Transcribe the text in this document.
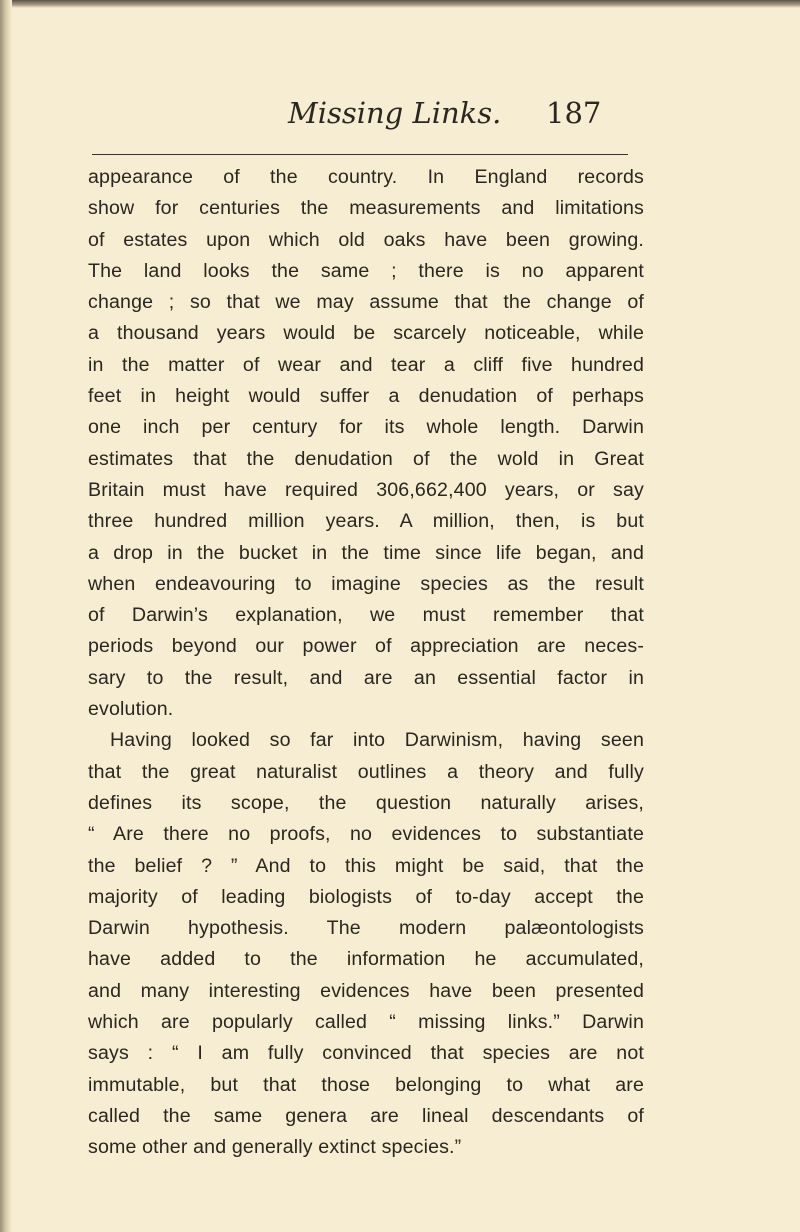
Missing Links. 187
appearance of the country. In England records
show for centuries the measurements and limitations
of estates upon which old oaks have been growing.
The land looks the same ; there is no apparent
change ; so that we may assume that the change of
a thousand years would be scarcely noticeable, while
in the matter of wear and tear a cliff five hundred
feet in height would suffer a denudation of perhaps
one inch per century for its whole length. Darwin
estimates that the denudation of the wold in Great
Britain must have required 306,662,400 years, or say
three hundred million years. A million, then, is but
a drop in the bucket in the time since life began, and
when endeavouring to imagine species as the result
of Darwin’s explanation, we must remember that
periods beyond our power of appreciation are neces-
sary to the result, and are an essential factor in
evolution.
Having looked so far into Darwinism, having seen
that the great naturalist outlines a theory and fully
defines its scope, the question naturally arises,
“ Are there no proofs, no evidences to substantiate
the belief ? ” And to this might be said, that the
majority of leading biologists of to-day accept the
Darwin hypothesis. The modern palæontologists
have added to the information he accumulated,
and many interesting evidences have been presented
which are popularly called “ missing links.” Darwin
says : “ I am fully convinced that species are not
immutable, but that those belonging to what are
called the same genera are lineal descendants of
some other and generally extinct species.”
